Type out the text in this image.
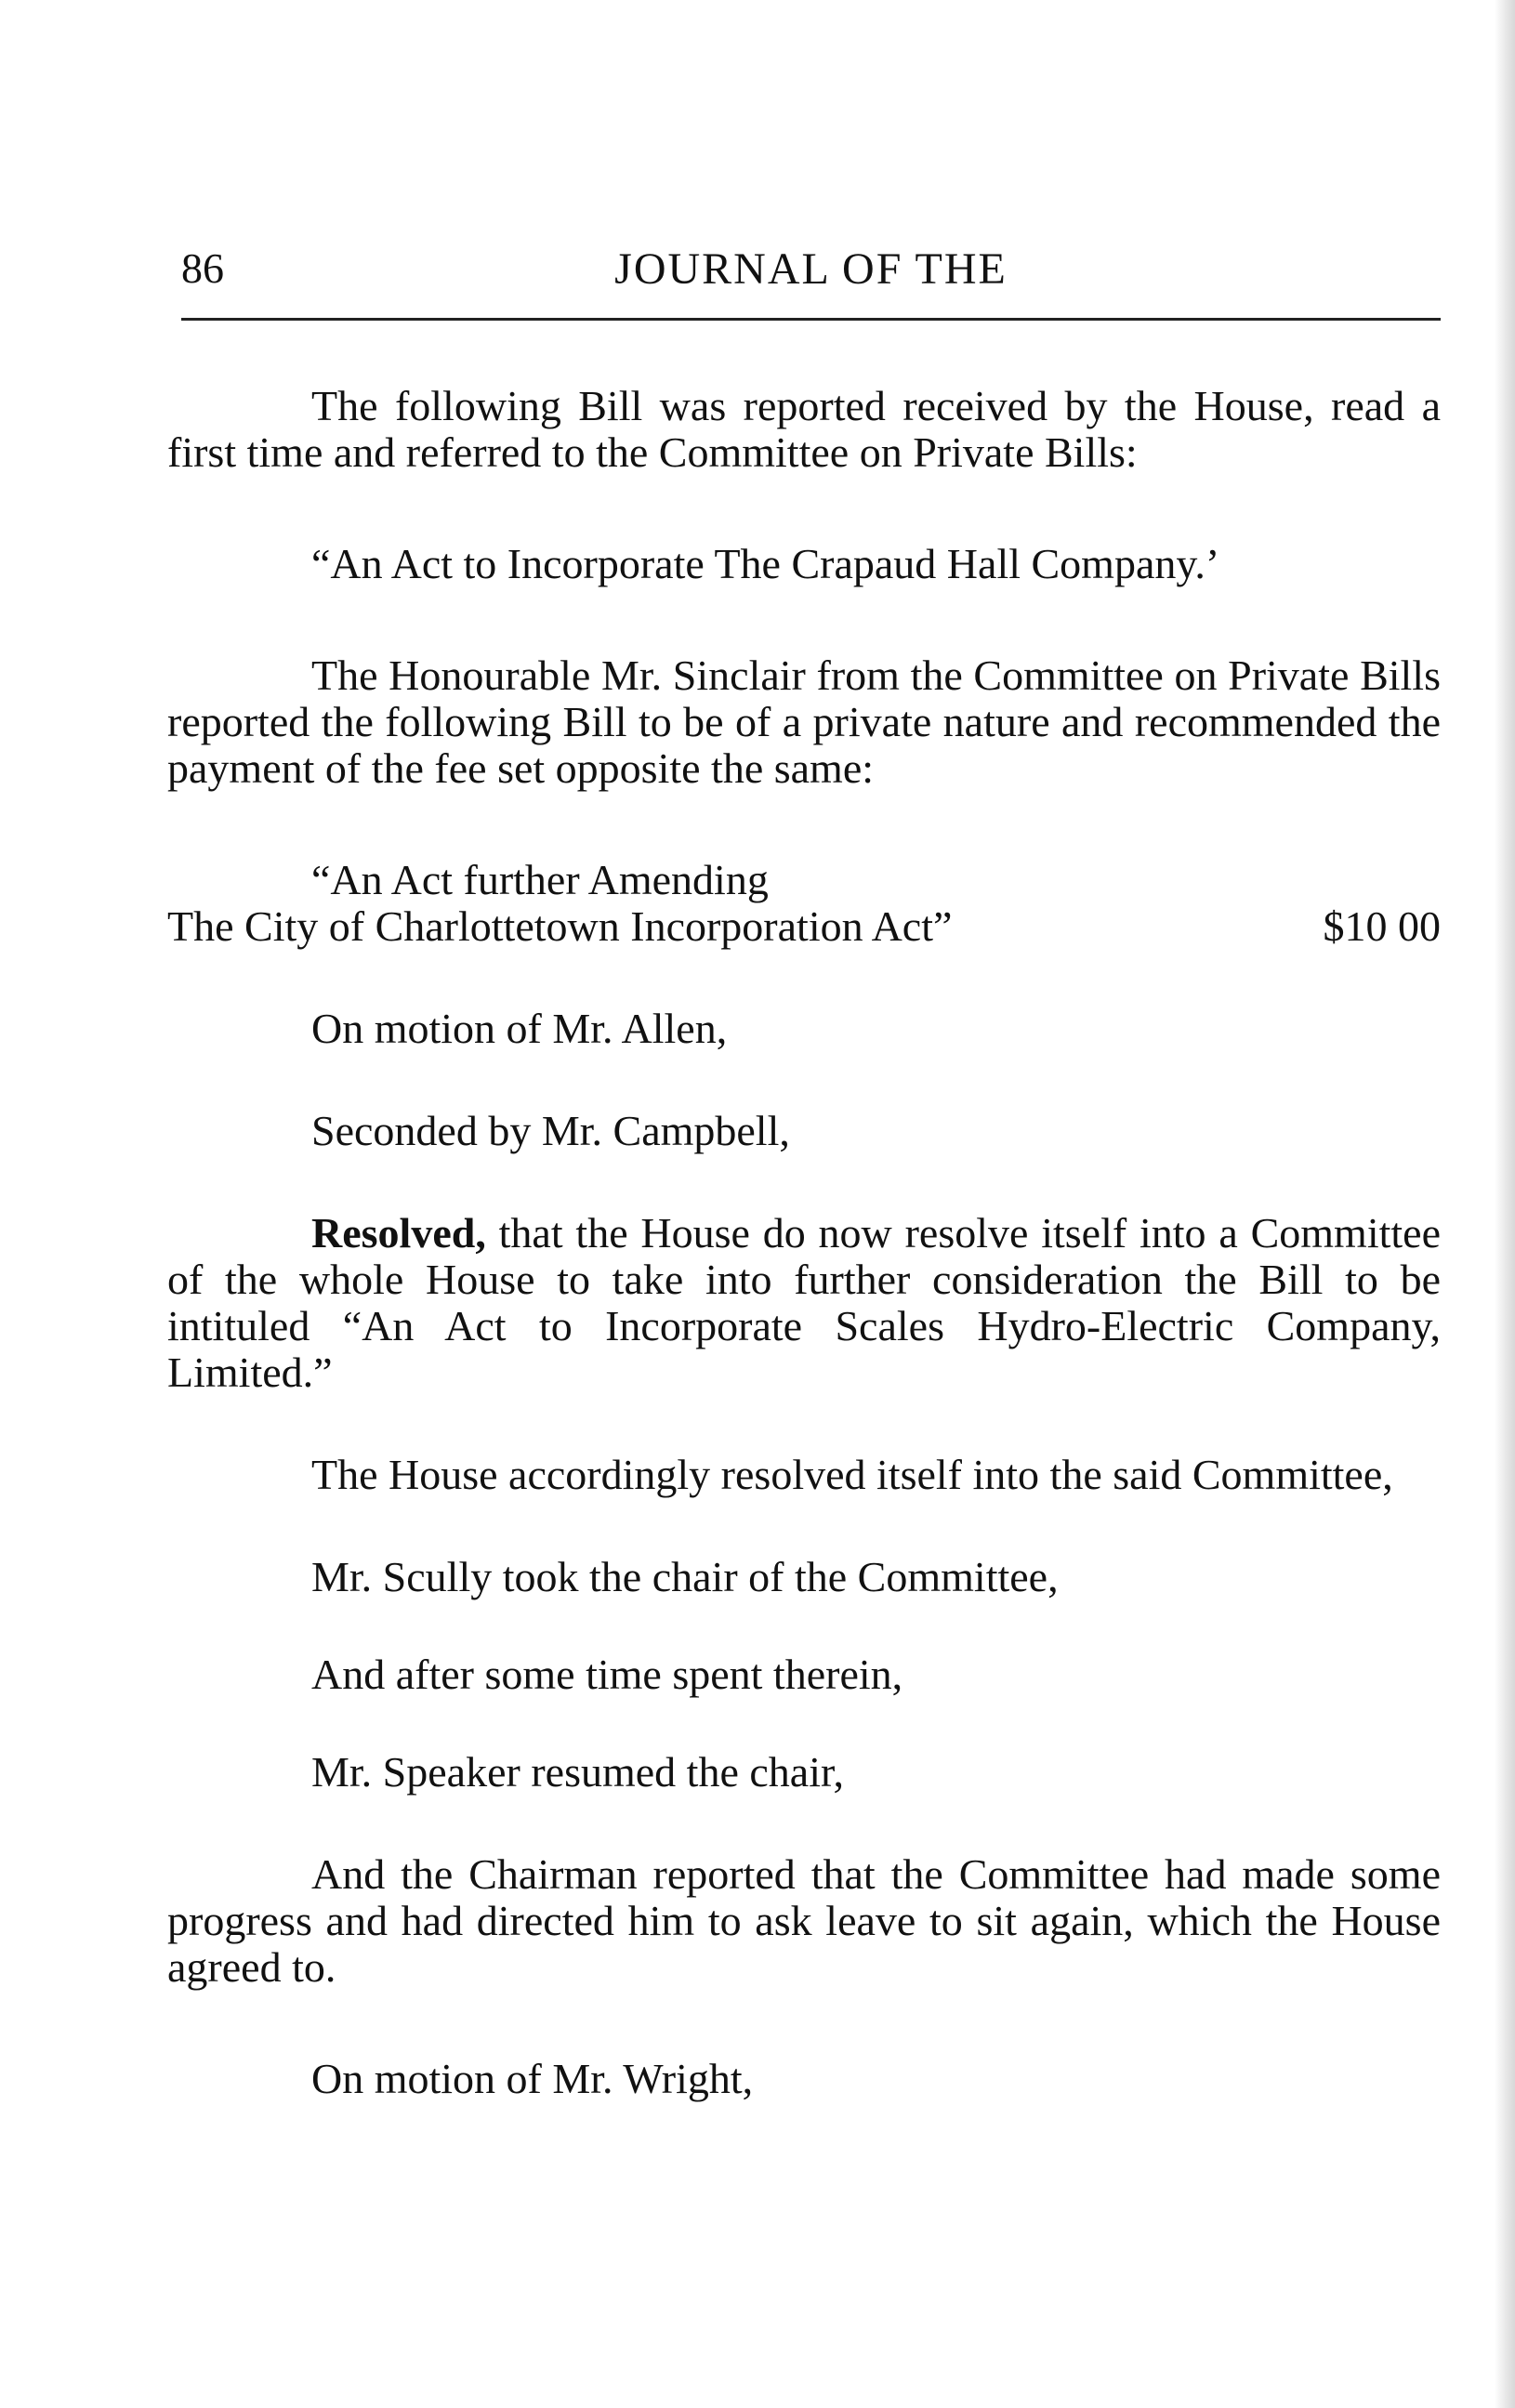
86	JOURNAL OF THE

The following Bill was reported received by the House, read a first time and referred to the Committee on Private Bills:

“An Act to Incorporate The Crapaud Hall Company.’

The Honourable Mr. Sinclair from the Committee on Private Bills reported the following Bill to be of a private nature and recommended the payment of the fee set opposite the same:

“An Act further Amending

The City of Charlottetown Incorporation Act”	$10 00

On motion of Mr. Allen,

Seconded by Mr. Campbell,

Resolved, that the House do now resolve itself into a Committee of the whole House to take into further consideration the Bill to be intituled “An Act to Incorporate Scales Hydro-Electric Company, Limited.”

The House accordingly resolved itself into the said Committee,

Mr. Scully took the chair of the Committee,

And after some time spent therein,

Mr. Speaker resumed the chair,

And the Chairman reported that the Committee had made some progress and had directed him to ask leave to sit again, which the House agreed to.

On motion of Mr. Wright,
